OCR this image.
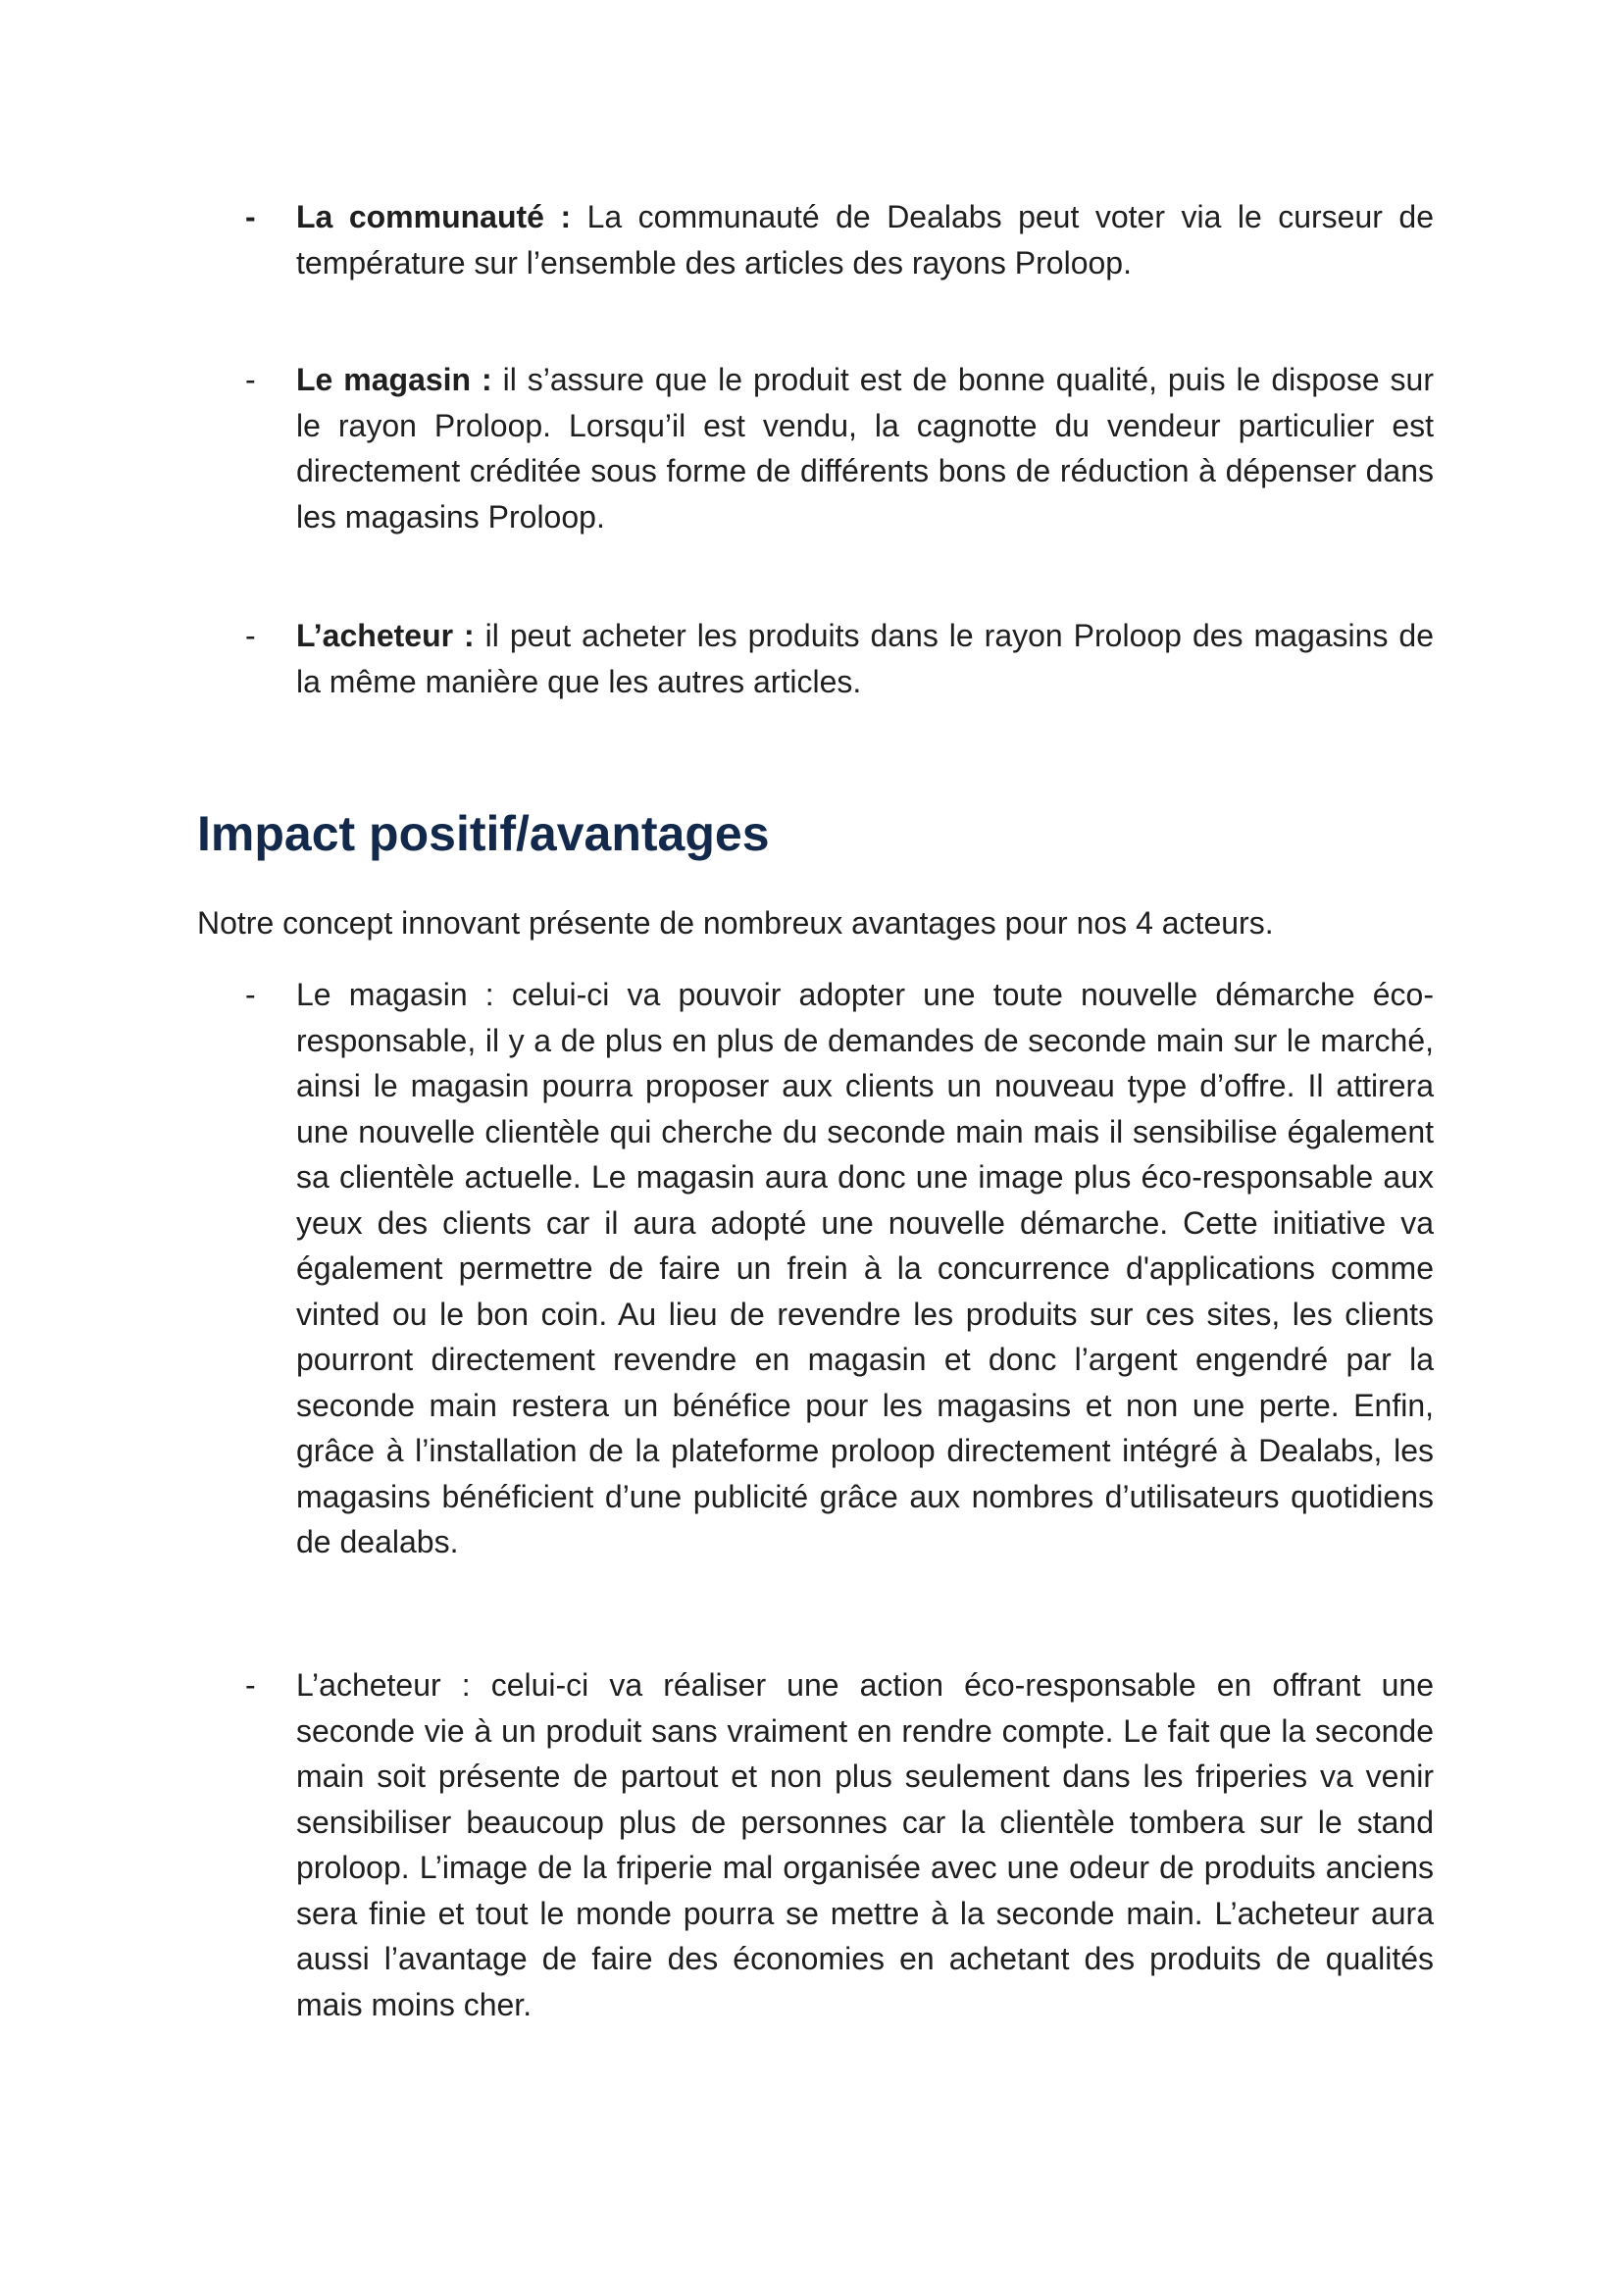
- La communauté : La communauté de Dealabs peut voter via le curseur de température sur l’ensemble des articles des rayons Proloop.

- Le magasin : il s’assure que le produit est de bonne qualité, puis le dispose sur le rayon Proloop. Lorsqu’il est vendu, la cagnotte du vendeur particulier est directement créditée sous forme de différents bons de réduction à dépenser dans les magasins Proloop.

- L’acheteur : il peut acheter les produits dans le rayon Proloop des magasins de la même manière que les autres articles.

Impact positif/avantages

Notre concept innovant présente de nombreux avantages pour nos 4 acteurs.

- Le magasin : celui-ci va pouvoir adopter une toute nouvelle démarche éco-responsable, il y a de plus en plus de demandes de seconde main sur le marché, ainsi le magasin pourra proposer aux clients un nouveau type d’offre. Il attirera une nouvelle clientèle qui cherche du seconde main mais il sensibilise également sa clientèle actuelle. Le magasin aura donc une image plus éco-responsable aux yeux des clients car il aura adopté une nouvelle démarche. Cette initiative va également permettre de faire un frein à la concurrence d'applications comme vinted ou le bon coin. Au lieu de revendre les produits sur ces sites, les clients pourront directement revendre en magasin et donc l’argent engendré par la seconde main restera un bénéfice pour les magasins et non une perte. Enfin, grâce à l’installation de la plateforme proloop directement intégré à Dealabs, les magasins bénéficient d’une publicité grâce aux nombres d’utilisateurs quotidiens de dealabs.

- L’acheteur : celui-ci va réaliser une action éco-responsable en offrant une seconde vie à un produit sans vraiment en rendre compte. Le fait que la seconde main soit présente de partout et non plus seulement dans les friperies va venir sensibiliser beaucoup plus de personnes car la clientèle tombera sur le stand proloop. L’image de la friperie mal organisée avec une odeur de produits anciens sera finie et tout le monde pourra se mettre à la seconde main. L’acheteur aura aussi l’avantage de faire des économies en achetant des produits de qualités mais moins cher.
